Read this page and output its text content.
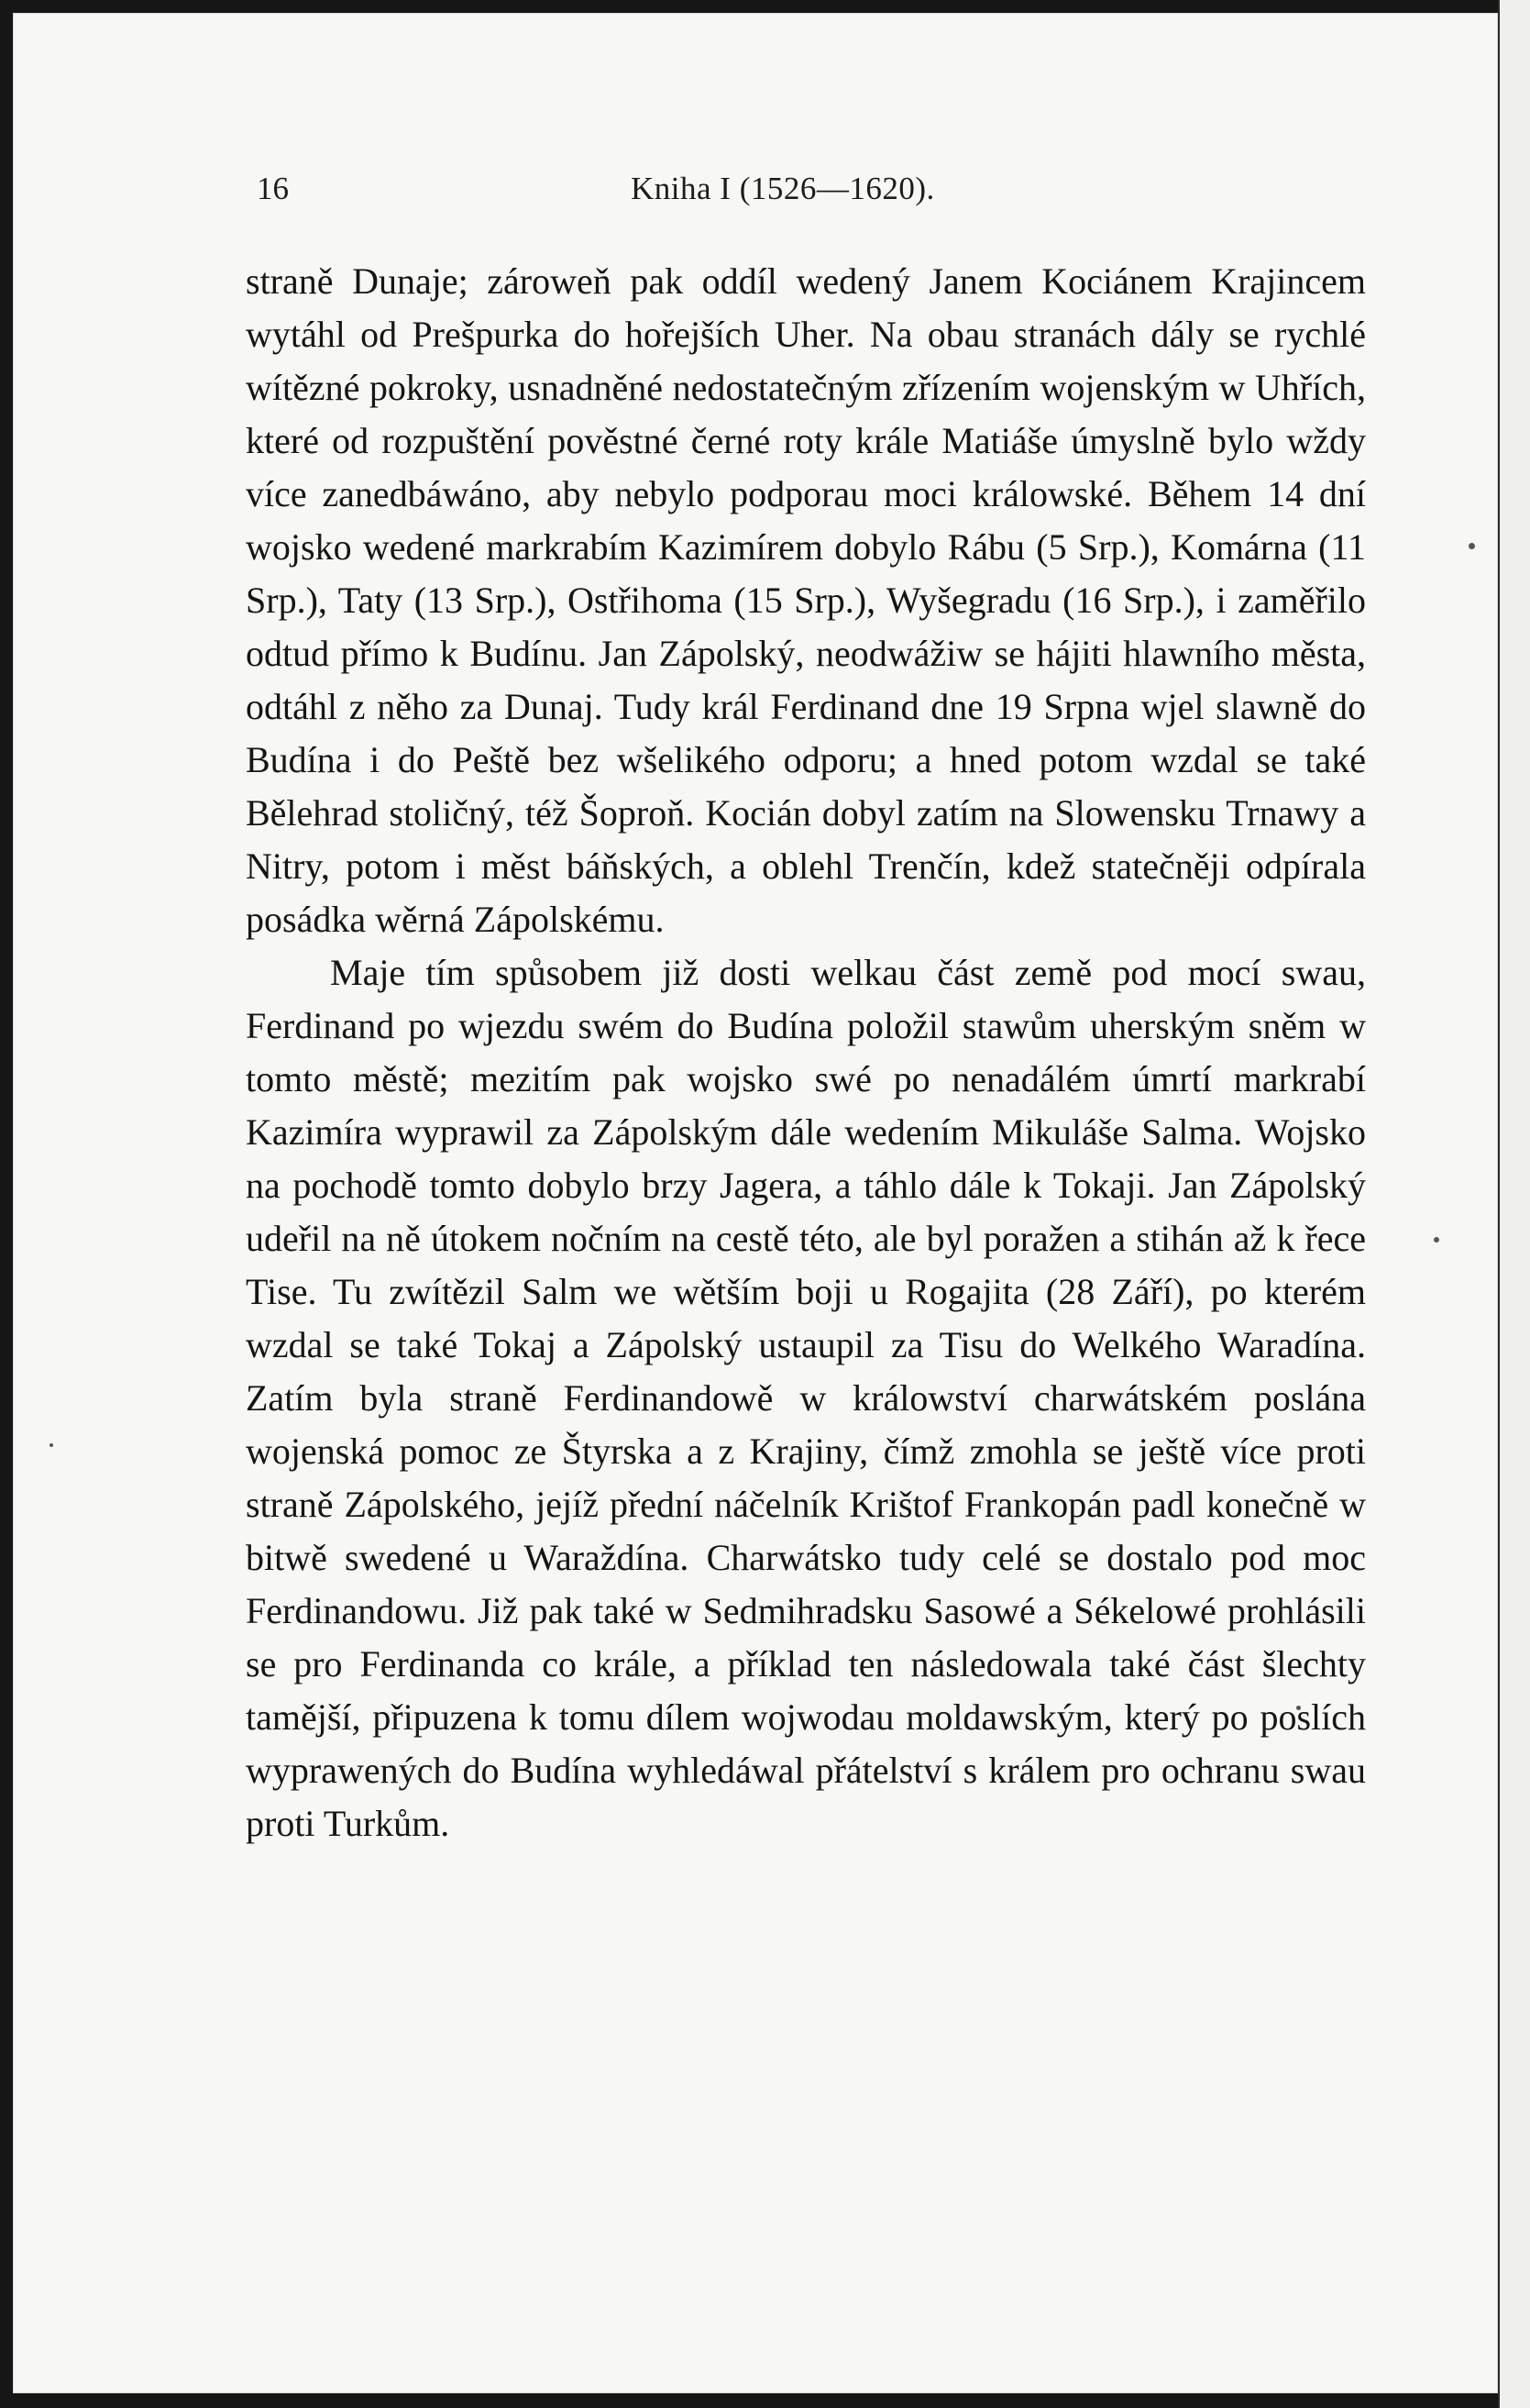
16	Kniha I (1526—1620).

straně Dunaje; zároweň pak oddíl wedený Janem Kociánem Krajincem wytáhl od Prešpurka do hořejších Uher. Na obau stranách dály se rychlé wítězné pokroky, usnadněné nedostatečným zřízením wojenským w Uhřích, které od rozpuštění pověstné černé roty krále Matiáše úmyslně bylo wždy více zanedbáwáno, aby nebylo podporau moci králowské. Během 14 dní wojsko wedené markrabím Kazimírem dobylo Rábu (5 Srp.), Komárna (11 Srp.), Taty (13 Srp.), Ostřihoma (15 Srp.), Wyšegradu (16 Srp.), i zaměřilo odtud přímo k Budínu. Jan Zápolský, neodwážiw se hájiti hlawního města, odtáhl z něho za Dunaj. Tudy král Ferdinand dne 19 Srpna wjel slawně do Budína i do Peště bez wšelikého odporu; a hned potom wzdal se také Bělehrad stoličný, též Šoproň. Kocián dobyl zatím na Slowensku Trnawy a Nitry, potom i měst báňských, a oblehl Trenčín, kdež statečněji odpírala posádka wěrná Zápolskému.

Maje tím spůsobem již dosti welkau část země pod mocí swau, Ferdinand po wjezdu swém do Budína položil stawům uherským sněm w tomto městě; mezitím pak wojsko swé po nenadálém úmrtí markrabí Kazimíra wyprawil za Zápolským dále wedením Mikuláše Salma. Wojsko na pochodě tomto dobylo brzy Jagera, a táhlo dále k Tokaji. Jan Zápolský udeřil na ně útokem nočním na cestě této, ale byl poražen a stihán až k řece Tise. Tu zwítězil Salm we wětším boji u Rogajita (28 Září), po kterém wzdal se také Tokaj a Zápolský ustaupil za Tisu do Welkého Waradína. Zatím byla straně Ferdinandowě w králowství charwátském poslána wojenská pomoc ze Štyrska a z Krajiny, čímž zmohla se ještě více proti straně Zápolského, jejíž přední náčelník Krištof Frankopán padl konečně w bitwě swedené u Waraždína. Charwátsko tudy celé se dostalo pod moc Ferdinandowu. Již pak také w Sedmihradsku Sasowé a Sékelowé prohlásili se pro Ferdinanda co krále, a příklad ten následowala také část šlechty tamější, připuzena k tomu dílem wojwodau moldawským, který po poslích wyprawených do Budína wyhledáwal přátelství s králem pro ochranu swau proti Turkům.
